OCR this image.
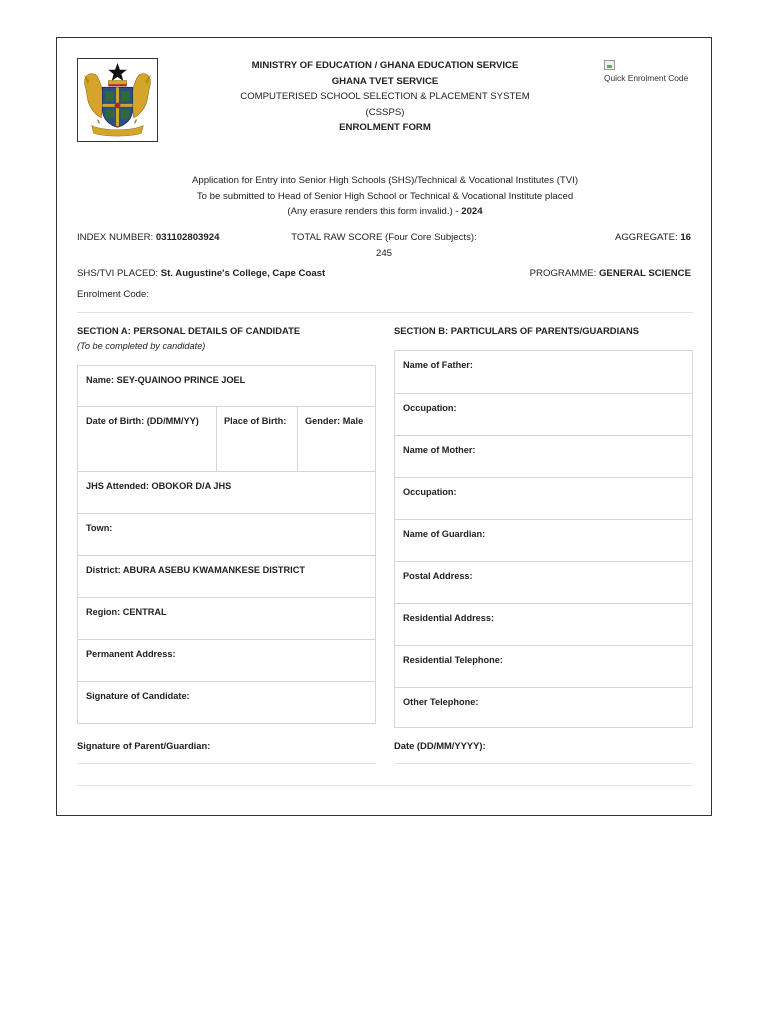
MINISTRY OF EDUCATION / GHANA EDUCATION SERVICE
GHANA TVET SERVICE
COMPUTERISED SCHOOL SELECTION & PLACEMENT SYSTEM
(CSSPS)
ENROLMENT FORM
Quick Enrolment Code
Application for Entry into Senior High Schools (SHS)/Technical & Vocational Institutes (TVI)
To be submitted to Head of Senior High School or Technical & Vocational Institute placed
(Any erasure renders this form invalid.) - 2024
INDEX NUMBER: 031102803924	TOTAL RAW SCORE (Four Core Subjects):
245
AGGREGATE: 16
SHS/TVI PLACED: St. Augustine's College, Cape Coast	PROGRAMME: GENERAL SCIENCE
Enrolment Code:
SECTION A: PERSONAL DETAILS OF CANDIDATE
(To be completed by candidate)
SECTION B: PARTICULARS OF PARENTS/GUARDIANS
Name: SEY-QUAINOO PRINCE JOEL
Date of Birth: (DD/MM/YY)	Place of Birth:	Gender: Male
JHS Attended: OBOKOR D/A JHS
Town:
District: ABURA ASEBU KWAMANKESE DISTRICT
Region: CENTRAL
Permanent Address:
Signature of Candidate:
Name of Father:
Occupation:
Name of Mother:
Occupation:
Name of Guardian:
Postal Address:
Residential Address:
Residential Telephone:
Other Telephone:
Signature of Parent/Guardian:	Date (DD/MM/YYYY):
